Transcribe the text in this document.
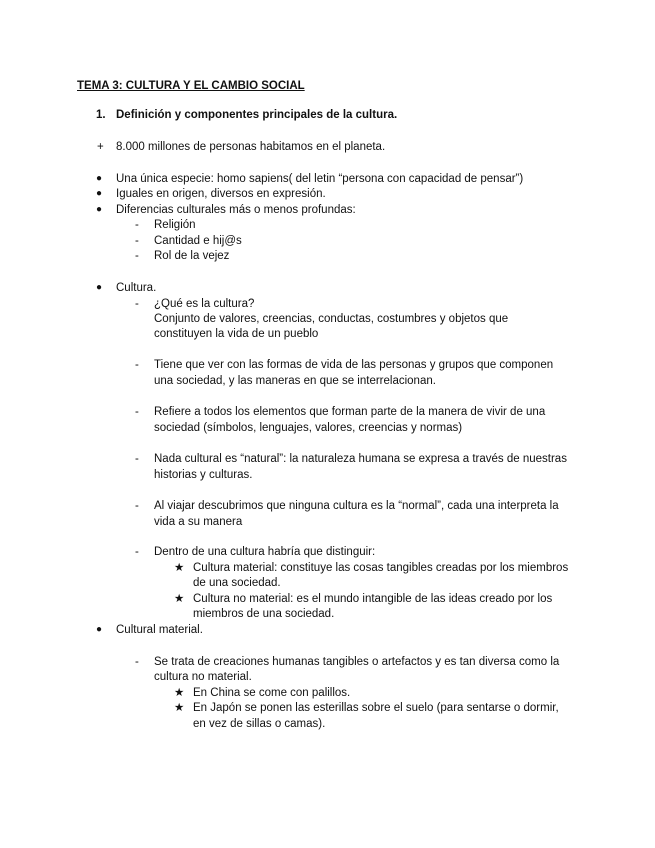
TEMA 3: CULTURA Y EL CAMBIO SOCIAL
1. Definición y componentes principales de la cultura.
+ 8.000 millones de personas habitamos en el planeta.
● Una única especie: homo sapiens( del letin “persona con capacidad de pensar”)
● Iguales en origen, diversos en expresión.
● Diferencias culturales más o menos profundas:
- Religión
- Cantidad e hij@s
- Rol de la vejez
● Cultura.
- ¿Qué es la cultura?
Conjunto de valores, creencias, conductas, costumbres y objetos que
constituyen la vida de un pueblo
- Tiene que ver con las formas de vida de las personas y grupos que componen
una sociedad, y las maneras en que se interrelacionan.
- Refiere a todos los elementos que forman parte de la manera de vivir de una
sociedad (símbolos, lenguajes, valores, creencias y normas)
- Nada cultural es “natural”: la naturaleza humana se expresa a través de nuestras
historias y culturas.
- Al viajar descubrimos que ninguna cultura es la “normal”, cada una interpreta la
vida a su manera
- Dentro de una cultura habría que distinguir:
★ Cultura material: constituye las cosas tangibles creadas por los miembros
de una sociedad.
★ Cultura no material: es el mundo intangible de las ideas creado por los
miembros de una sociedad.
● Cultural material.
- Se trata de creaciones humanas tangibles o artefactos y es tan diversa como la
cultura no material.
★ En China se come con palillos.
★ En Japón se ponen las esterillas sobre el suelo (para sentarse o dormir,
en vez de sillas o camas).
